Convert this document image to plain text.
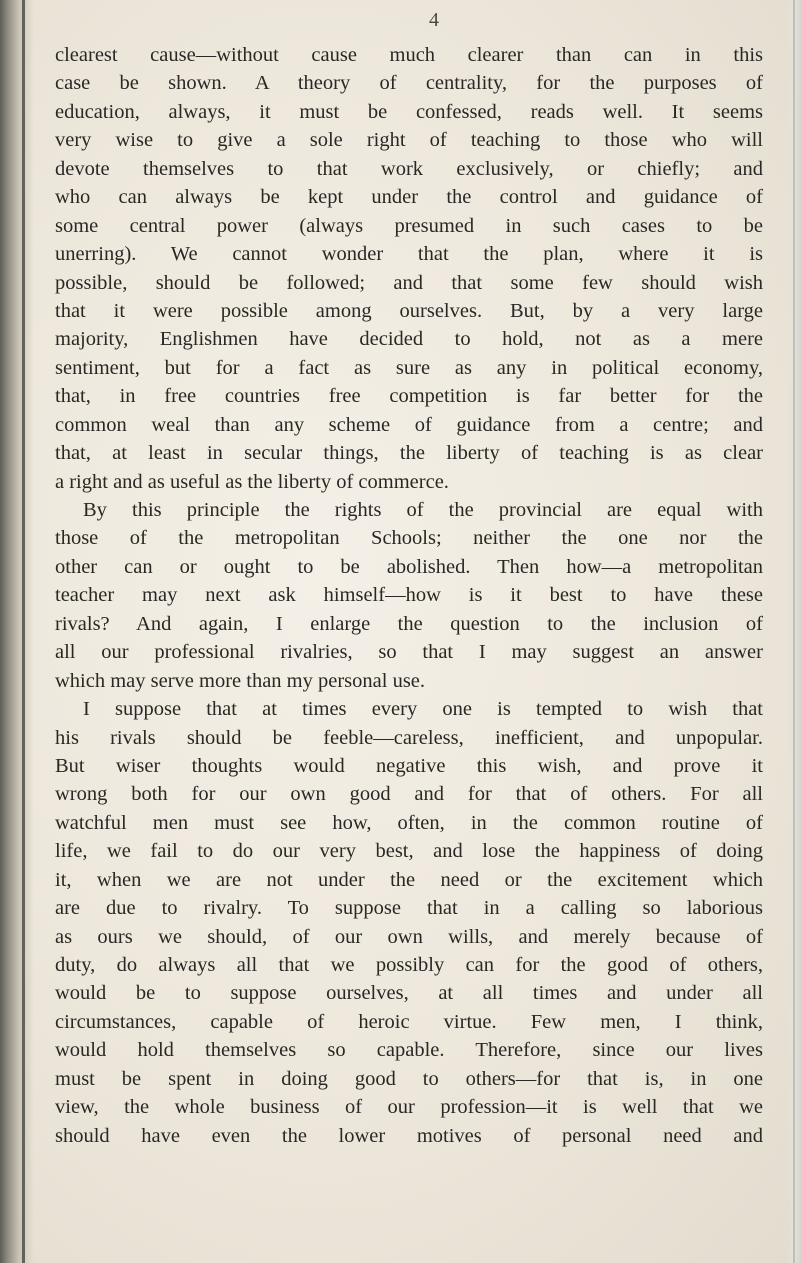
4
clearest cause—without cause much clearer than can in this
case be shown. A theory of centrality, for the purposes of
education, always, it must be confessed, reads well. It seems
very wise to give a sole right of teaching to those who will
devote themselves to that work exclusively, or chiefly; and
who can always be kept under the control and guidance of
some central power (always presumed in such cases to be
unerring). We cannot wonder that the plan, where it is
possible, should be followed; and that some few should wish
that it were possible among ourselves. But, by a very large
majority, Englishmen have decided to hold, not as a mere
sentiment, but for a fact as sure as any in political economy,
that, in free countries free competition is far better for the
common weal than any scheme of guidance from a centre; and
that, at least in secular things, the liberty of teaching is as clear
a right and as useful as the liberty of commerce.
By this principle the rights of the provincial are equal with
those of the metropolitan Schools; neither the one nor the
other can or ought to be abolished. Then how—a metropolitan
teacher may next ask himself—how is it best to have these
rivals? And again, I enlarge the question to the inclusion of
all our professional rivalries, so that I may suggest an answer
which may serve more than my personal use.
I suppose that at times every one is tempted to wish that
his rivals should be feeble—careless, inefficient, and unpopular.
But wiser thoughts would negative this wish, and prove it
wrong both for our own good and for that of others. For all
watchful men must see how, often, in the common routine of
life, we fail to do our very best, and lose the happiness of doing
it, when we are not under the need or the excitement which
are due to rivalry. To suppose that in a calling so laborious
as ours we should, of our own wills, and merely because of
duty, do always all that we possibly can for the good of others,
would be to suppose ourselves, at all times and under all
circumstances, capable of heroic virtue. Few men, I think,
would hold themselves so capable. Therefore, since our lives
must be spent in doing good to others—for that is, in one
view, the whole business of our profession—it is well that we
should have even the lower motives of personal need and
